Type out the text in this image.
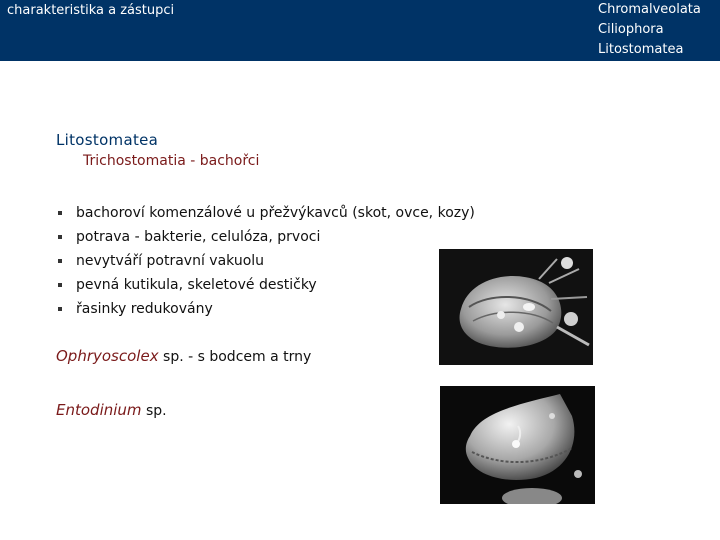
charakteristika a zástupci	Chromalveolata
Ciliophora
Litostomatea
Litostomatea
Trichostomatia - bachořci
bachoroví komenzálové u přežvýkavců (skot, ovce, kozy)
potrava - bakterie, celulóza, prvoci
nevytváří potravní vakuolu
pevná kutikula, skeletové destičky
řasinky redukovány
Ophryoscolex sp. - s bodcem a trny
Entodinium sp.
